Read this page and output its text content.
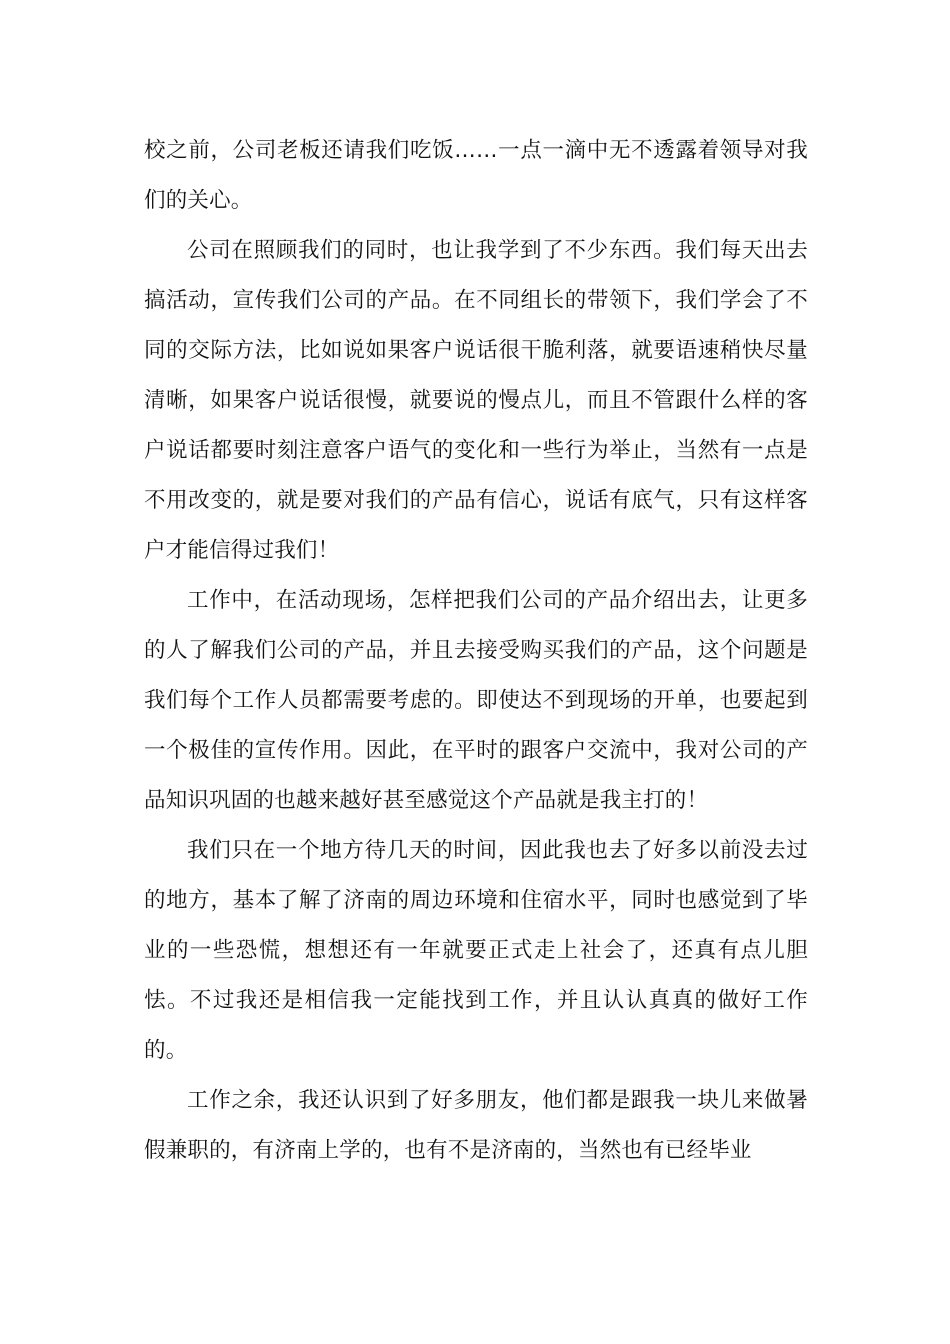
校之前，公司老板还请我们吃饭……一点一滴中无不透露着领导对我们的关心。

公司在照顾我们的同时，也让我学到了不少东西。我们每天出去搞活动，宣传我们公司的产品。在不同组长的带领下，我们学会了不同的交际方法，比如说如果客户说话很干脆利落，就要语速稍快尽量清晰，如果客户说话很慢，就要说的慢点儿，而且不管跟什么样的客户说话都要时刻注意客户语气的变化和一些行为举止，当然有一点是不用改变的，就是要对我们的产品有信心，说话有底气，只有这样客户才能信得过我们！

工作中，在活动现场，怎样把我们公司的产品介绍出去，让更多的人了解我们公司的产品，并且去接受购买我们的产品，这个问题是我们每个工作人员都需要考虑的。即使达不到现场的开单，也要起到一个极佳的宣传作用。因此，在平时的跟客户交流中，我对公司的产品知识巩固的也越来越好甚至感觉这个产品就是我主打的！

我们只在一个地方待几天的时间，因此我也去了好多以前没去过的地方，基本了解了济南的周边环境和住宿水平，同时也感觉到了毕业的一些恐慌，想想还有一年就要正式走上社会了，还真有点儿胆怯。不过我还是相信我一定能找到工作，并且认认真真的做好工作的。

工作之余，我还认识到了好多朋友，他们都是跟我一块儿来做暑假兼职的，有济南上学的，也有不是济南的，当然也有已经毕业
